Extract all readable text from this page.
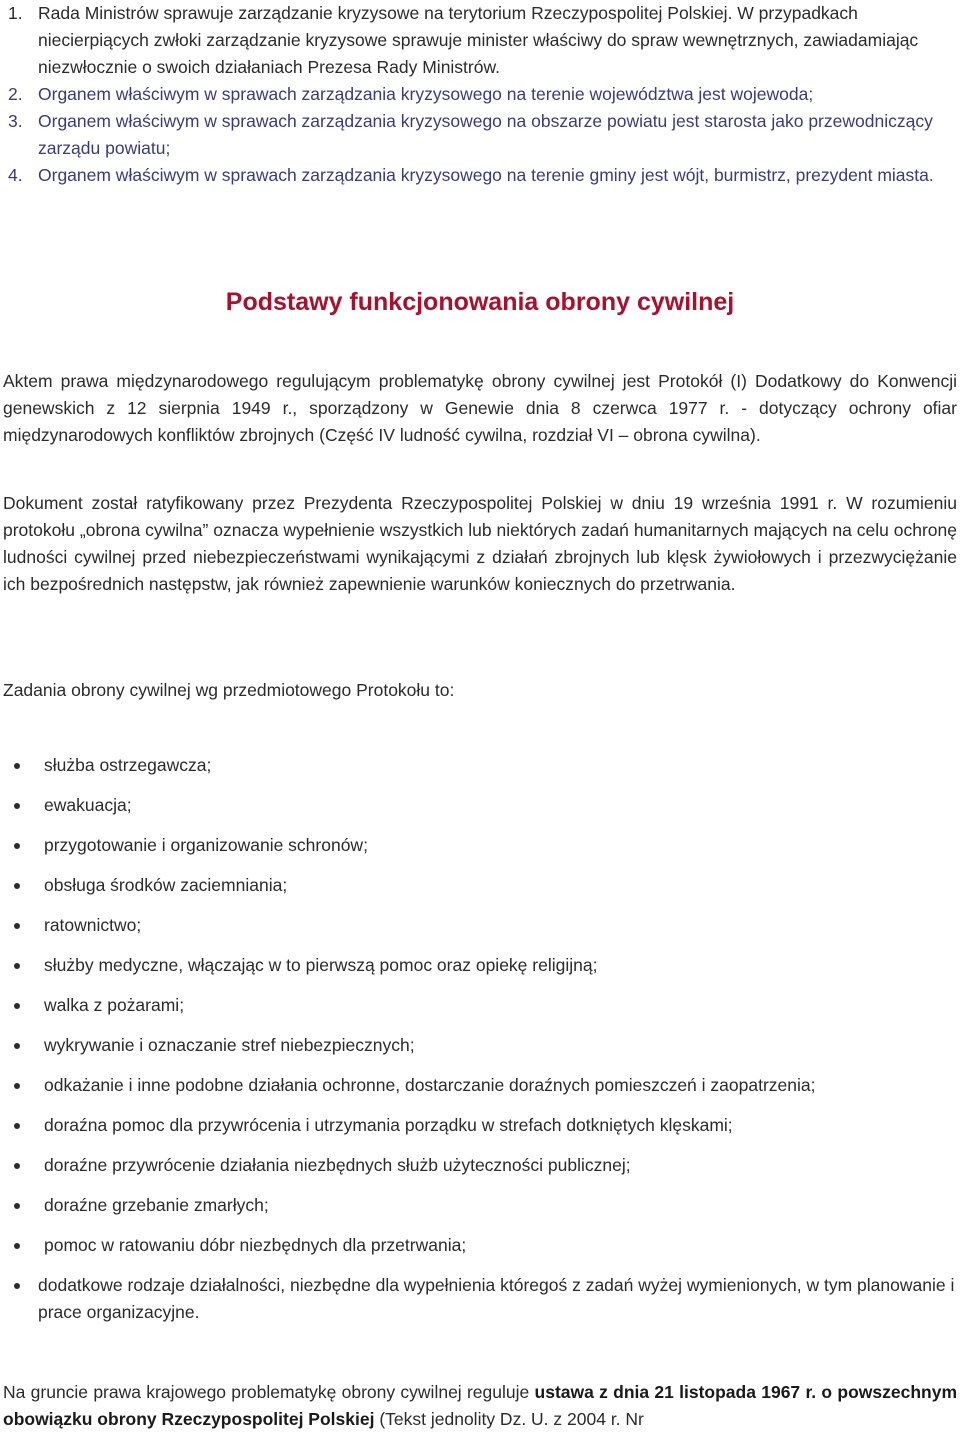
1. Rada Ministrów sprawuje zarządzanie kryzysowe na terytorium Rzeczypospolitej Polskiej. W przypadkach niecierpiących zwłoki zarządzanie kryzysowe sprawuje minister właściwy do spraw wewnętrznych, zawiadamiając niezwłocznie o swoich działaniach Prezesa Rady Ministrów.
2. Organem właściwym w sprawach zarządzania kryzysowego na terenie województwa jest wojewoda;
3. Organem właściwym w sprawach zarządzania kryzysowego na obszarze powiatu jest starosta jako przewodniczący zarządu powiatu;
4. Organem właściwym w sprawach zarządzania kryzysowego na terenie gminy jest wójt, burmistrz, prezydent miasta.
Podstawy funkcjonowania obrony cywilnej

Aktem prawa międzynarodowego regulującym problematykę obrony cywilnej jest Protokół (I) Dodatkowy do Konwencji genewskich z 12 sierpnia 1949 r., sporządzony w Genewie dnia 8 czerwca 1977 r. - dotyczący ochrony ofiar międzynarodowych konfliktów zbrojnych (Część IV ludność cywilna, rozdział VI – obrona cywilna).

Dokument został ratyfikowany przez Prezydenta Rzeczypospolitej Polskiej w dniu 19 września 1991 r. W rozumieniu protokołu „obrona cywilna” oznacza wypełnienie wszystkich lub niektórych zadań humanitarnych mających na celu ochronę ludności cywilnej przed niebezpieczeństwami wynikającymi z działań zbrojnych lub klęsk żywiołowych i przezwyciężanie ich bezpośrednich następstw, jak również zapewnienie warunków koniecznych do przetrwania.

Zadania obrony cywilnej wg przedmiotowego Protokołu to:

służba ostrzegawcza;
ewakuacja;
przygotowanie i organizowanie schronów;
obsługa środków zaciemniania;
ratownictwo;
służby medyczne, włączając w to pierwszą pomoc oraz opiekę religijną;
walka z pożarami;
wykrywanie i oznaczanie stref niebezpiecznych;
odkażanie i inne podobne działania ochronne, dostarczanie doraźnych pomieszczeń i zaopatrzenia;
doraźna pomoc dla przywrócenia i utrzymania porządku w strefach dotkniętych klęskami;
doraźne przywrócenie działania niezbędnych służb użyteczności publicznej;
doraźne grzebanie zmarłych;
pomoc w ratowaniu dóbr niezbędnych dla przetrwania;
dodatkowe rodzaje działalności, niezbędne dla wypełnienia któregoś z zadań wyżej wymienionych, w tym planowanie i prace organizacyjne.

Na gruncie prawa krajowego problematykę obrony cywilnej reguluje ustawa z dnia 21 listopada 1967 r. o powszechnym obowiązku obrony Rzeczypospolitej Polskiej (Tekst jednolity Dz. U. z 2004 r. Nr
